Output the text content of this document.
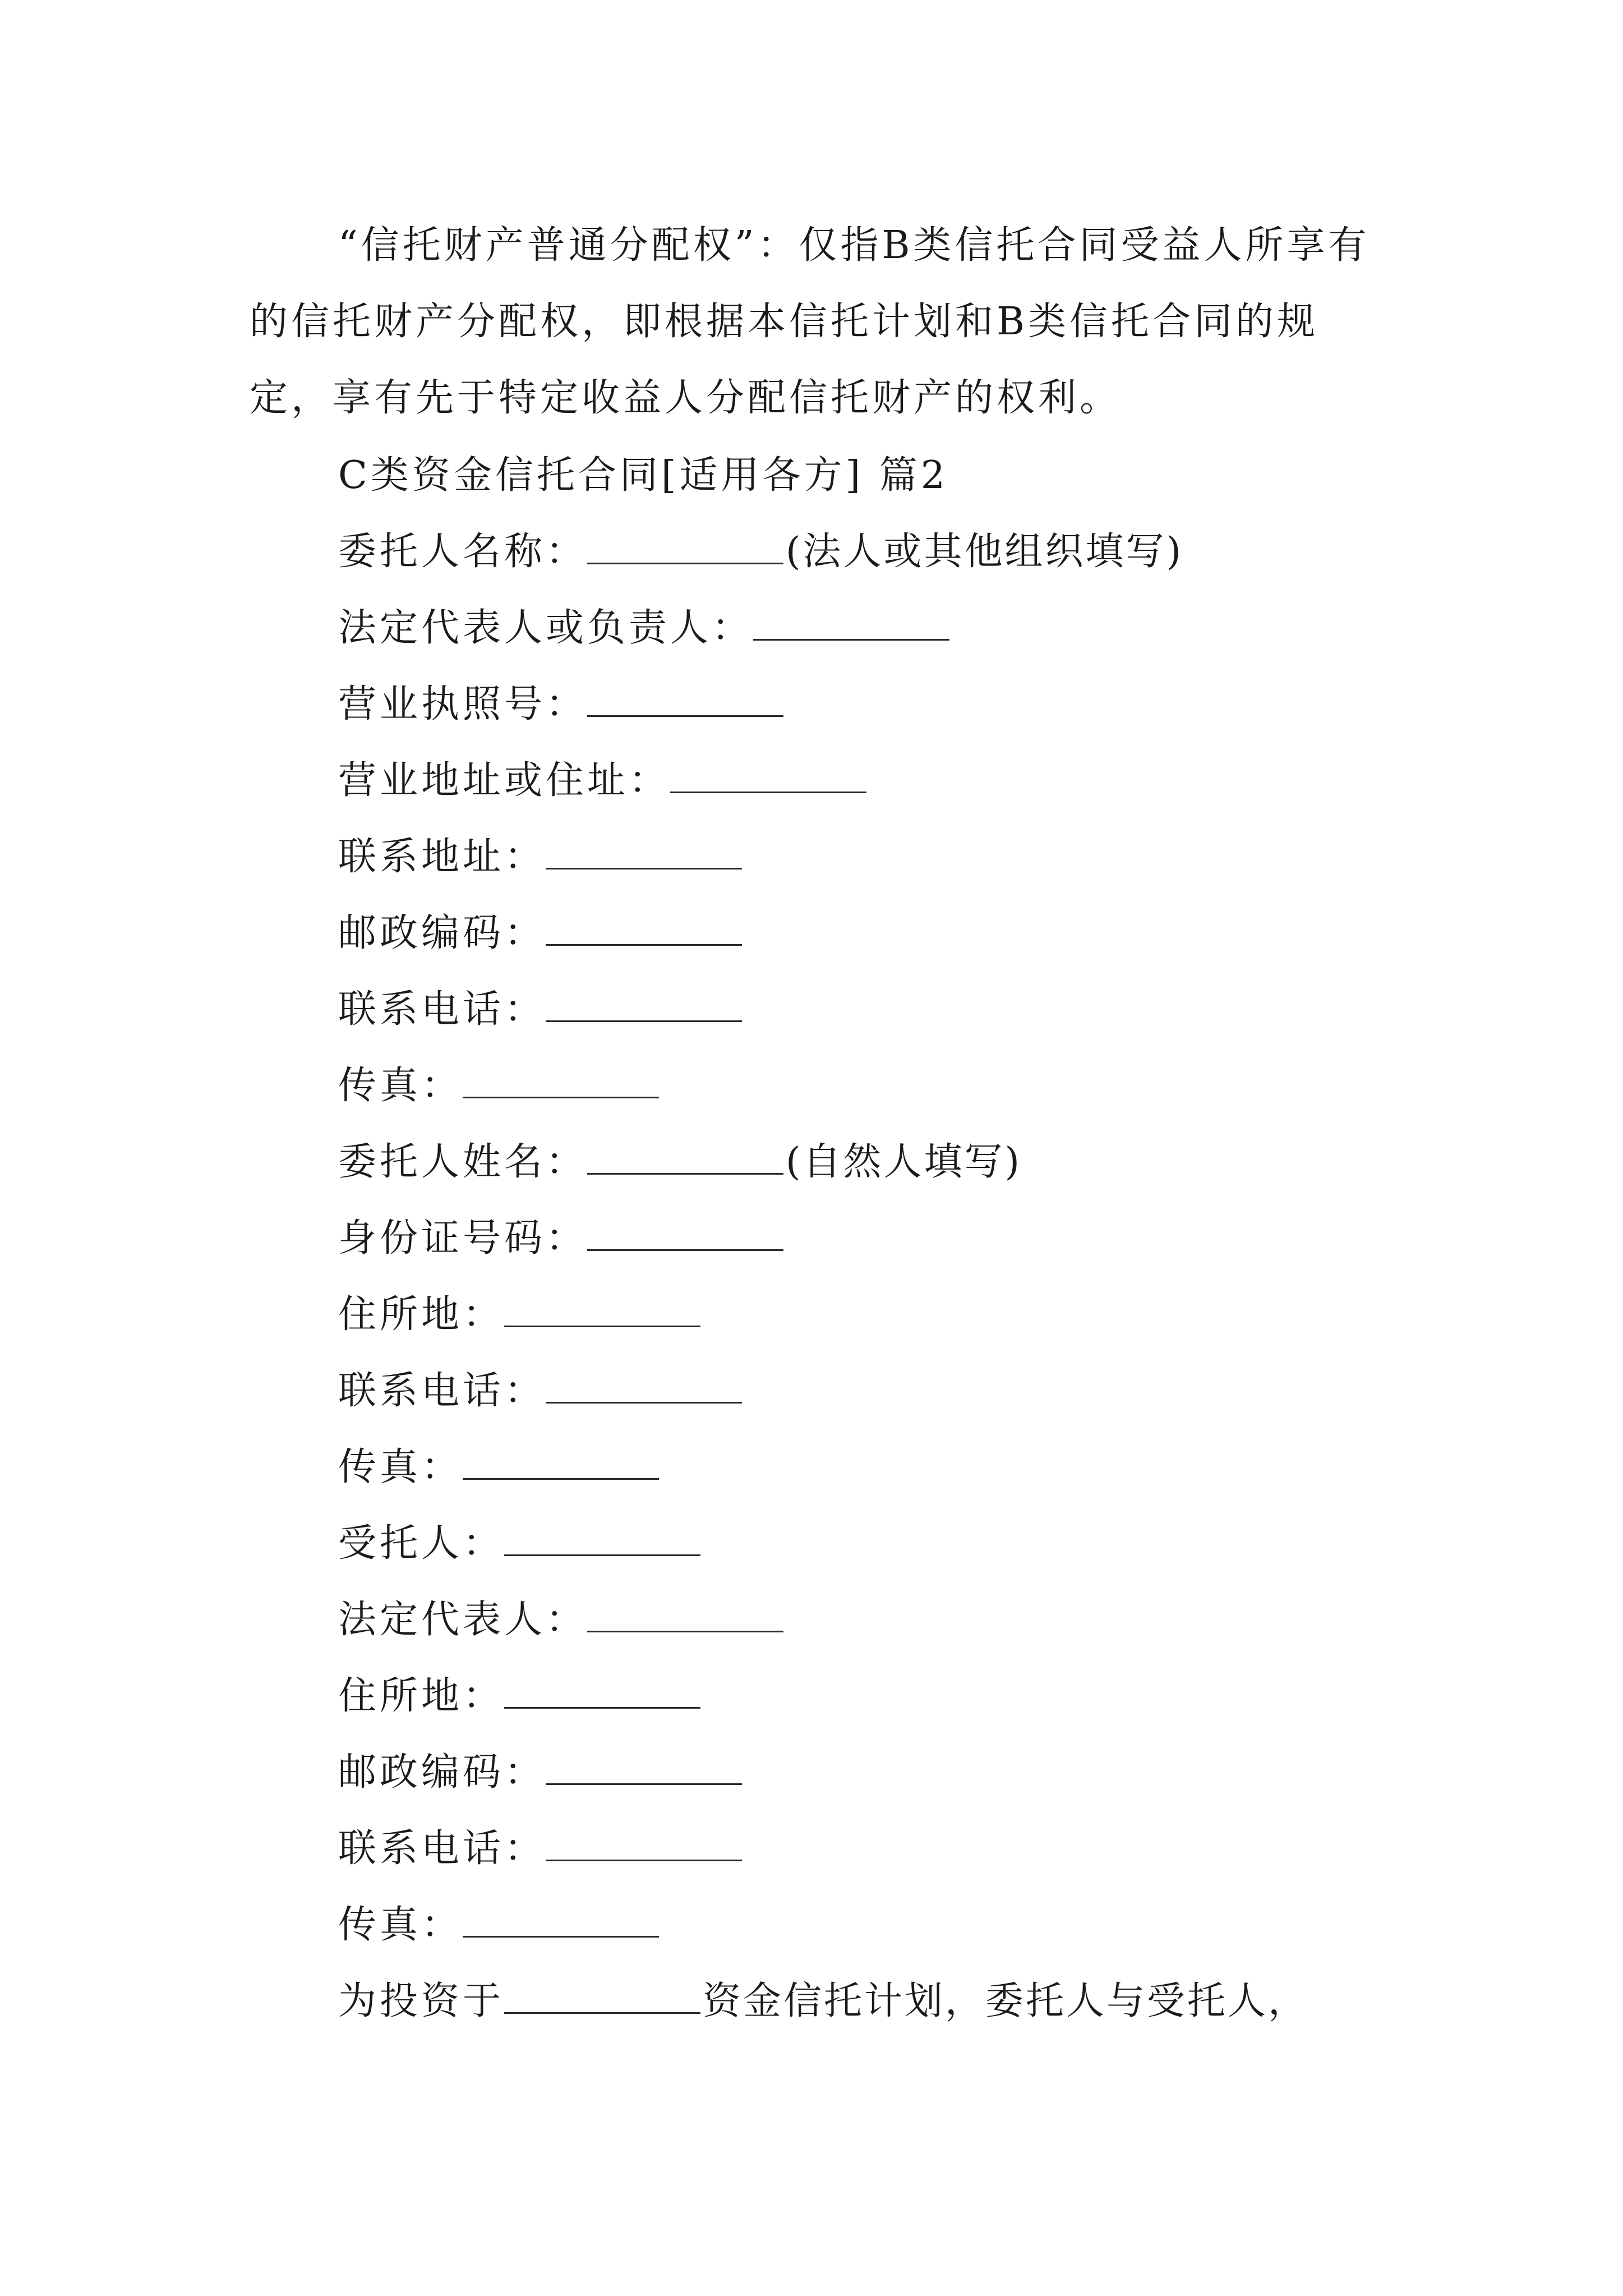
“信托财产普通分配权”：仅指B类信托合同受益人所享有的信托财产分配权，即根据本信托计划和B类信托合同的规定，享有先于特定收益人分配信托财产的权利。

C类资金信托合同[适用各方] 篇2
委托人名称：	(法人或其他组织填写)
法定代表人或负责人：
营业执照号：
营业地址或住址：
联系地址：
邮政编码：
联系电话：
传真：
委托人姓名：	(自然人填写)
身份证号码：
住所地：
联系电话：
传真：
受托人：
法定代表人：
住所地：
邮政编码：
联系电话：
传真：
为投资于	资金信托计划，委托人与受托人，
